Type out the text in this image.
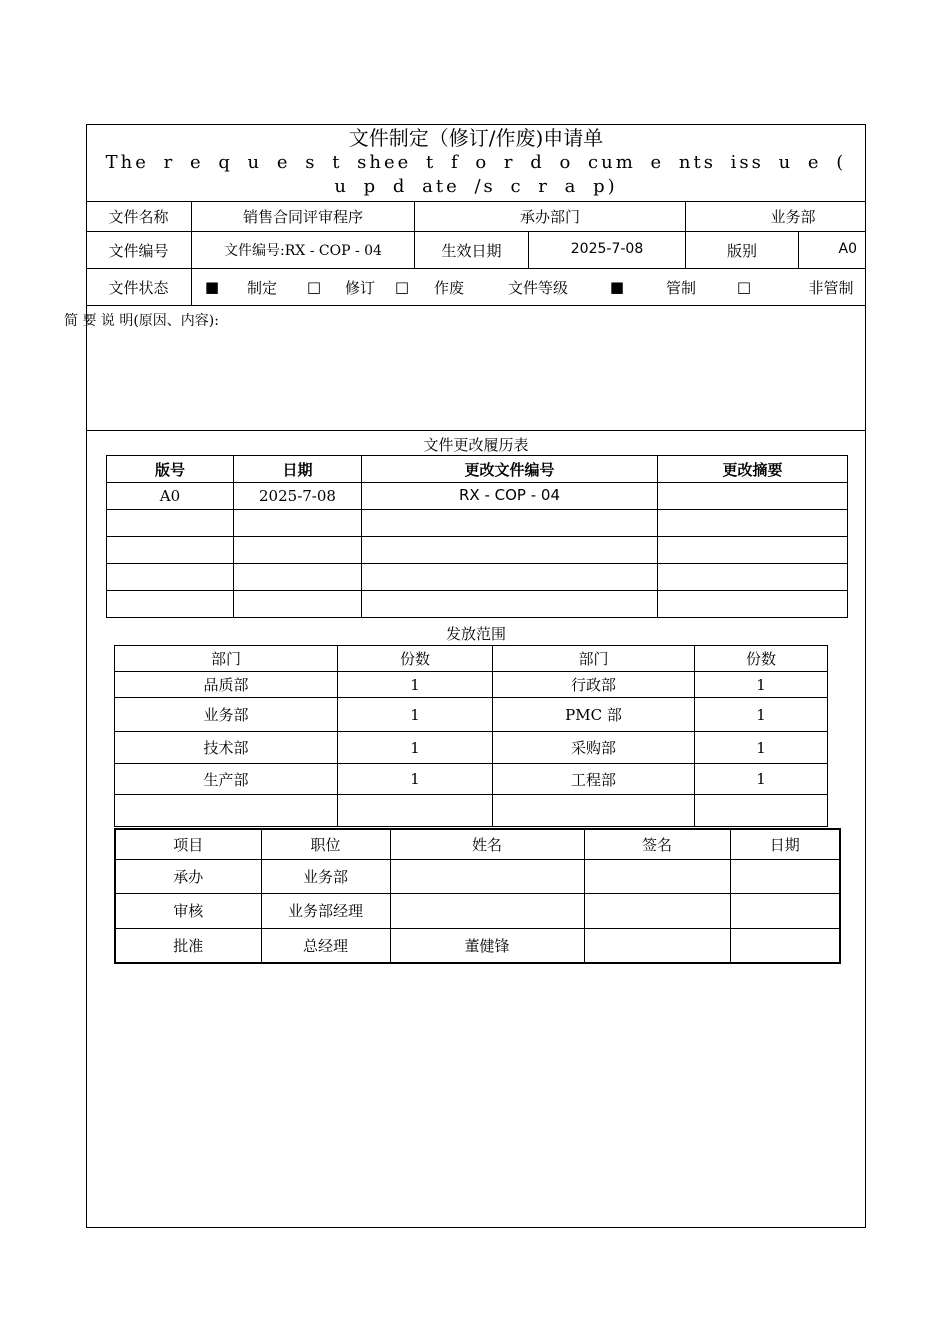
文件制定（修订/作废)申请单
The r e q u e s t shee t f o r d o cum e nts iss u e ( u p d ate /s c r a p)
文件名称	销售合同评审程序	承办部门	业务部
文件编号	文件编号:RX - COP - 04	生效日期	2025-7-08	版别	A0
文件状态	■	制定	□	修订	□	作废	文件等级	■	管制	□	非管制
简 要 说 明(原因、内容):
文件更改履历表
版号	日期	更改文件编号	更改摘要
A0	2025-7-08	RX - COP - 04	

发放范围
部门	份数	部门	份数
品质部	1	行政部	1
业务部	1	PMC 部	1
技术部	1	采购部	1
生产部	1	工程部	1

项目	职位	姓名	签名	日期
承办	业务部			
审核	业务部经理			
批准	总经理	董健锋		
